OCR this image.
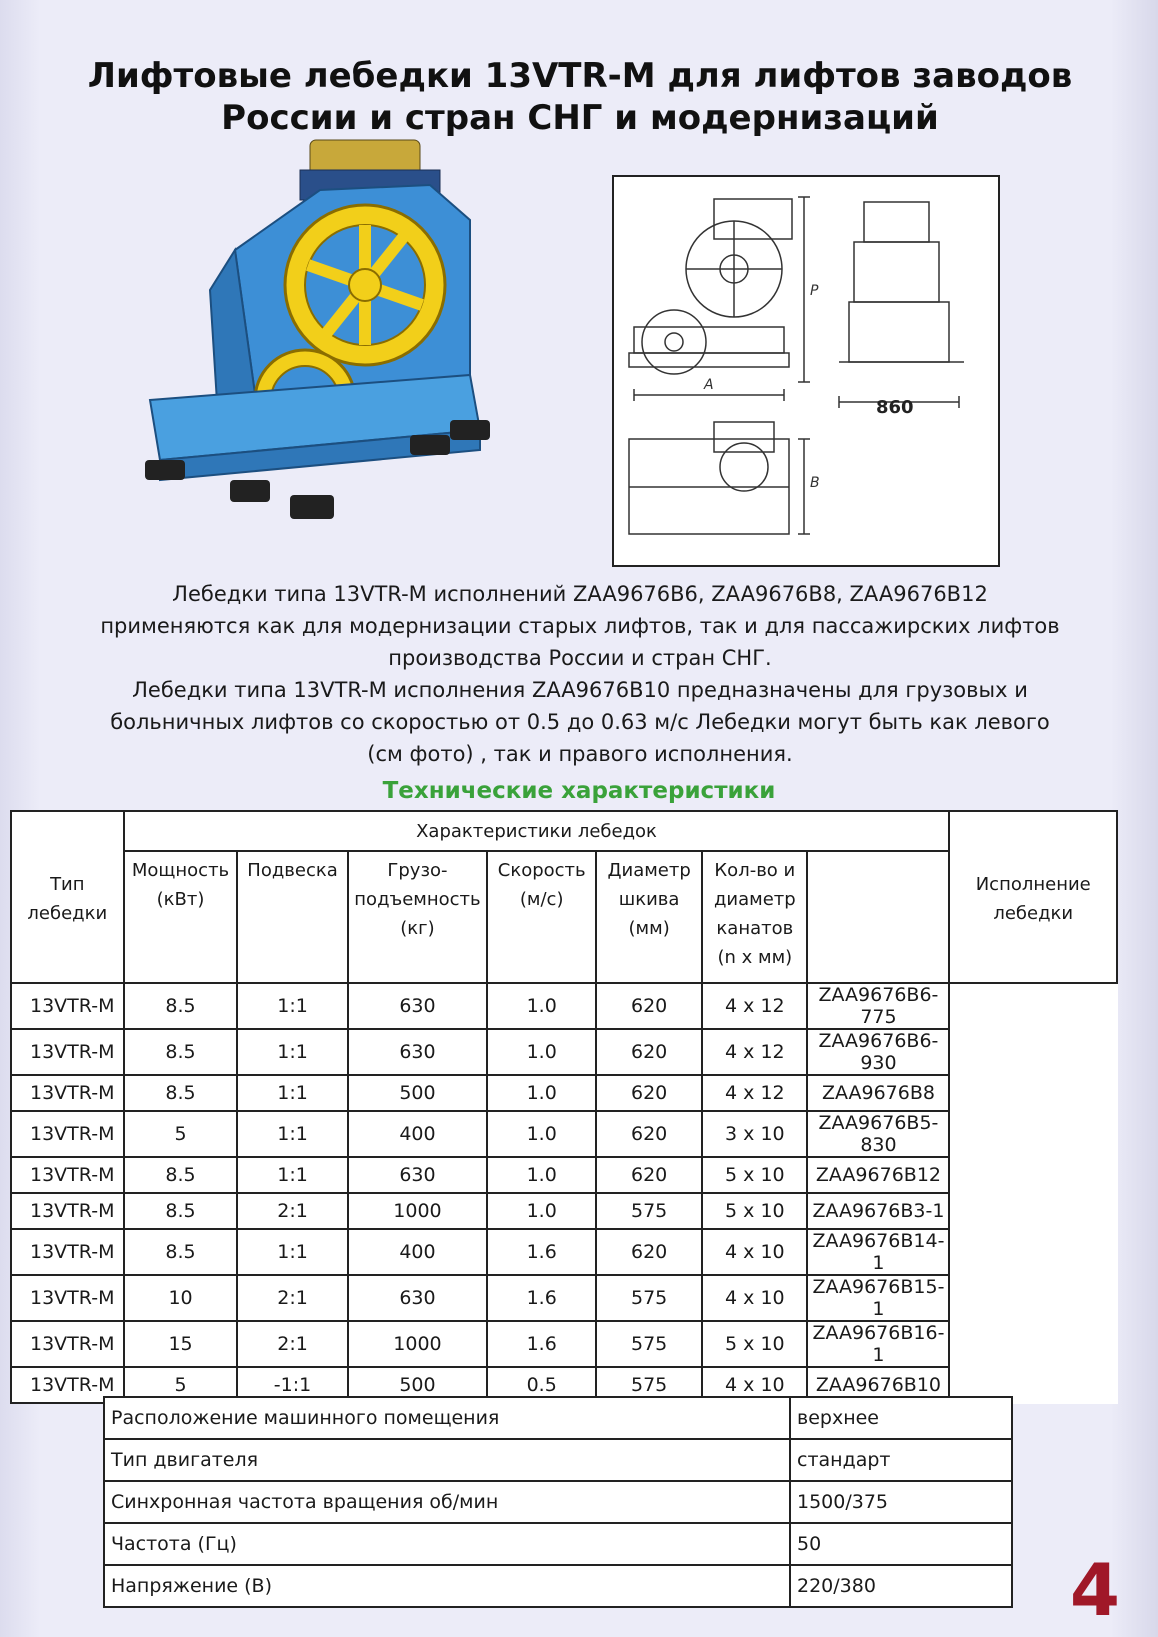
Лифтовые лебедки 13VTR-M для лифтов заводов
России и стран СНГ и модернизаций
A
P
B
860
Лебедки типа 13VTR-M исполнений ZAA9676B6, ZAA9676B8, ZAA9676B12
применяются как для модернизации старых лифтов, так и для пассажирских лифтов
производства России и стран СНГ.
Лебедки типа 13VTR-M исполнения ZAA9676B10 предназначены для грузовых и
больничных лифтов со скоростью от 0.5 до 0.63 м/с Лебедки могут быть как левого
(см фото) , так и правого исполнения.
Технические характеристики
Тип лебедки	Характеристики лебедок							Исполнение лебедки
	Мощность (кВт)	Подвеска	Грузо-подъемность (кг)	Скорость (м/с)	Диаметр шкива (мм)	Кол-во и диаметр канатов (n x мм)		
13VTR-M	8.5	1:1	630	1.0	620	4 x 12	ZAA9676B6-775	
13VTR-M	8.5	1:1	630	1.0	620	4 x 12	ZAA9676B6-930	
13VTR-M	8.5	1:1	500	1.0	620	4 x 12	ZAA9676B8	
13VTR-M	5	1:1	400	1.0	620	3 x 10	ZAA9676B5-830	
13VTR-M	8.5	1:1	630	1.0	620	5 x 10	ZAA9676B12	
13VTR-M	8.5	2:1	1000	1.0	575	5 x 10	ZAA9676B3-1	
13VTR-M	8.5	1:1	400	1.6	620	4 x 10	ZAA9676B14-1	
13VTR-M	10	2:1	630	1.6	575	4 x 10	ZAA9676B15-1	
13VTR-M	15	2:1	1000	1.6	575	5 x 10	ZAA9676B16-1	
13VTR-M	5	-1:1	500	0.5	575	4 x 10	ZAA9676B10	
Расположение машинного помещения	верхнее
Тип двигателя	стандарт
Синхронная частота вращения об/мин	1500/375
Частота (Гц)	50
Напряжение (В)	220/380	4
